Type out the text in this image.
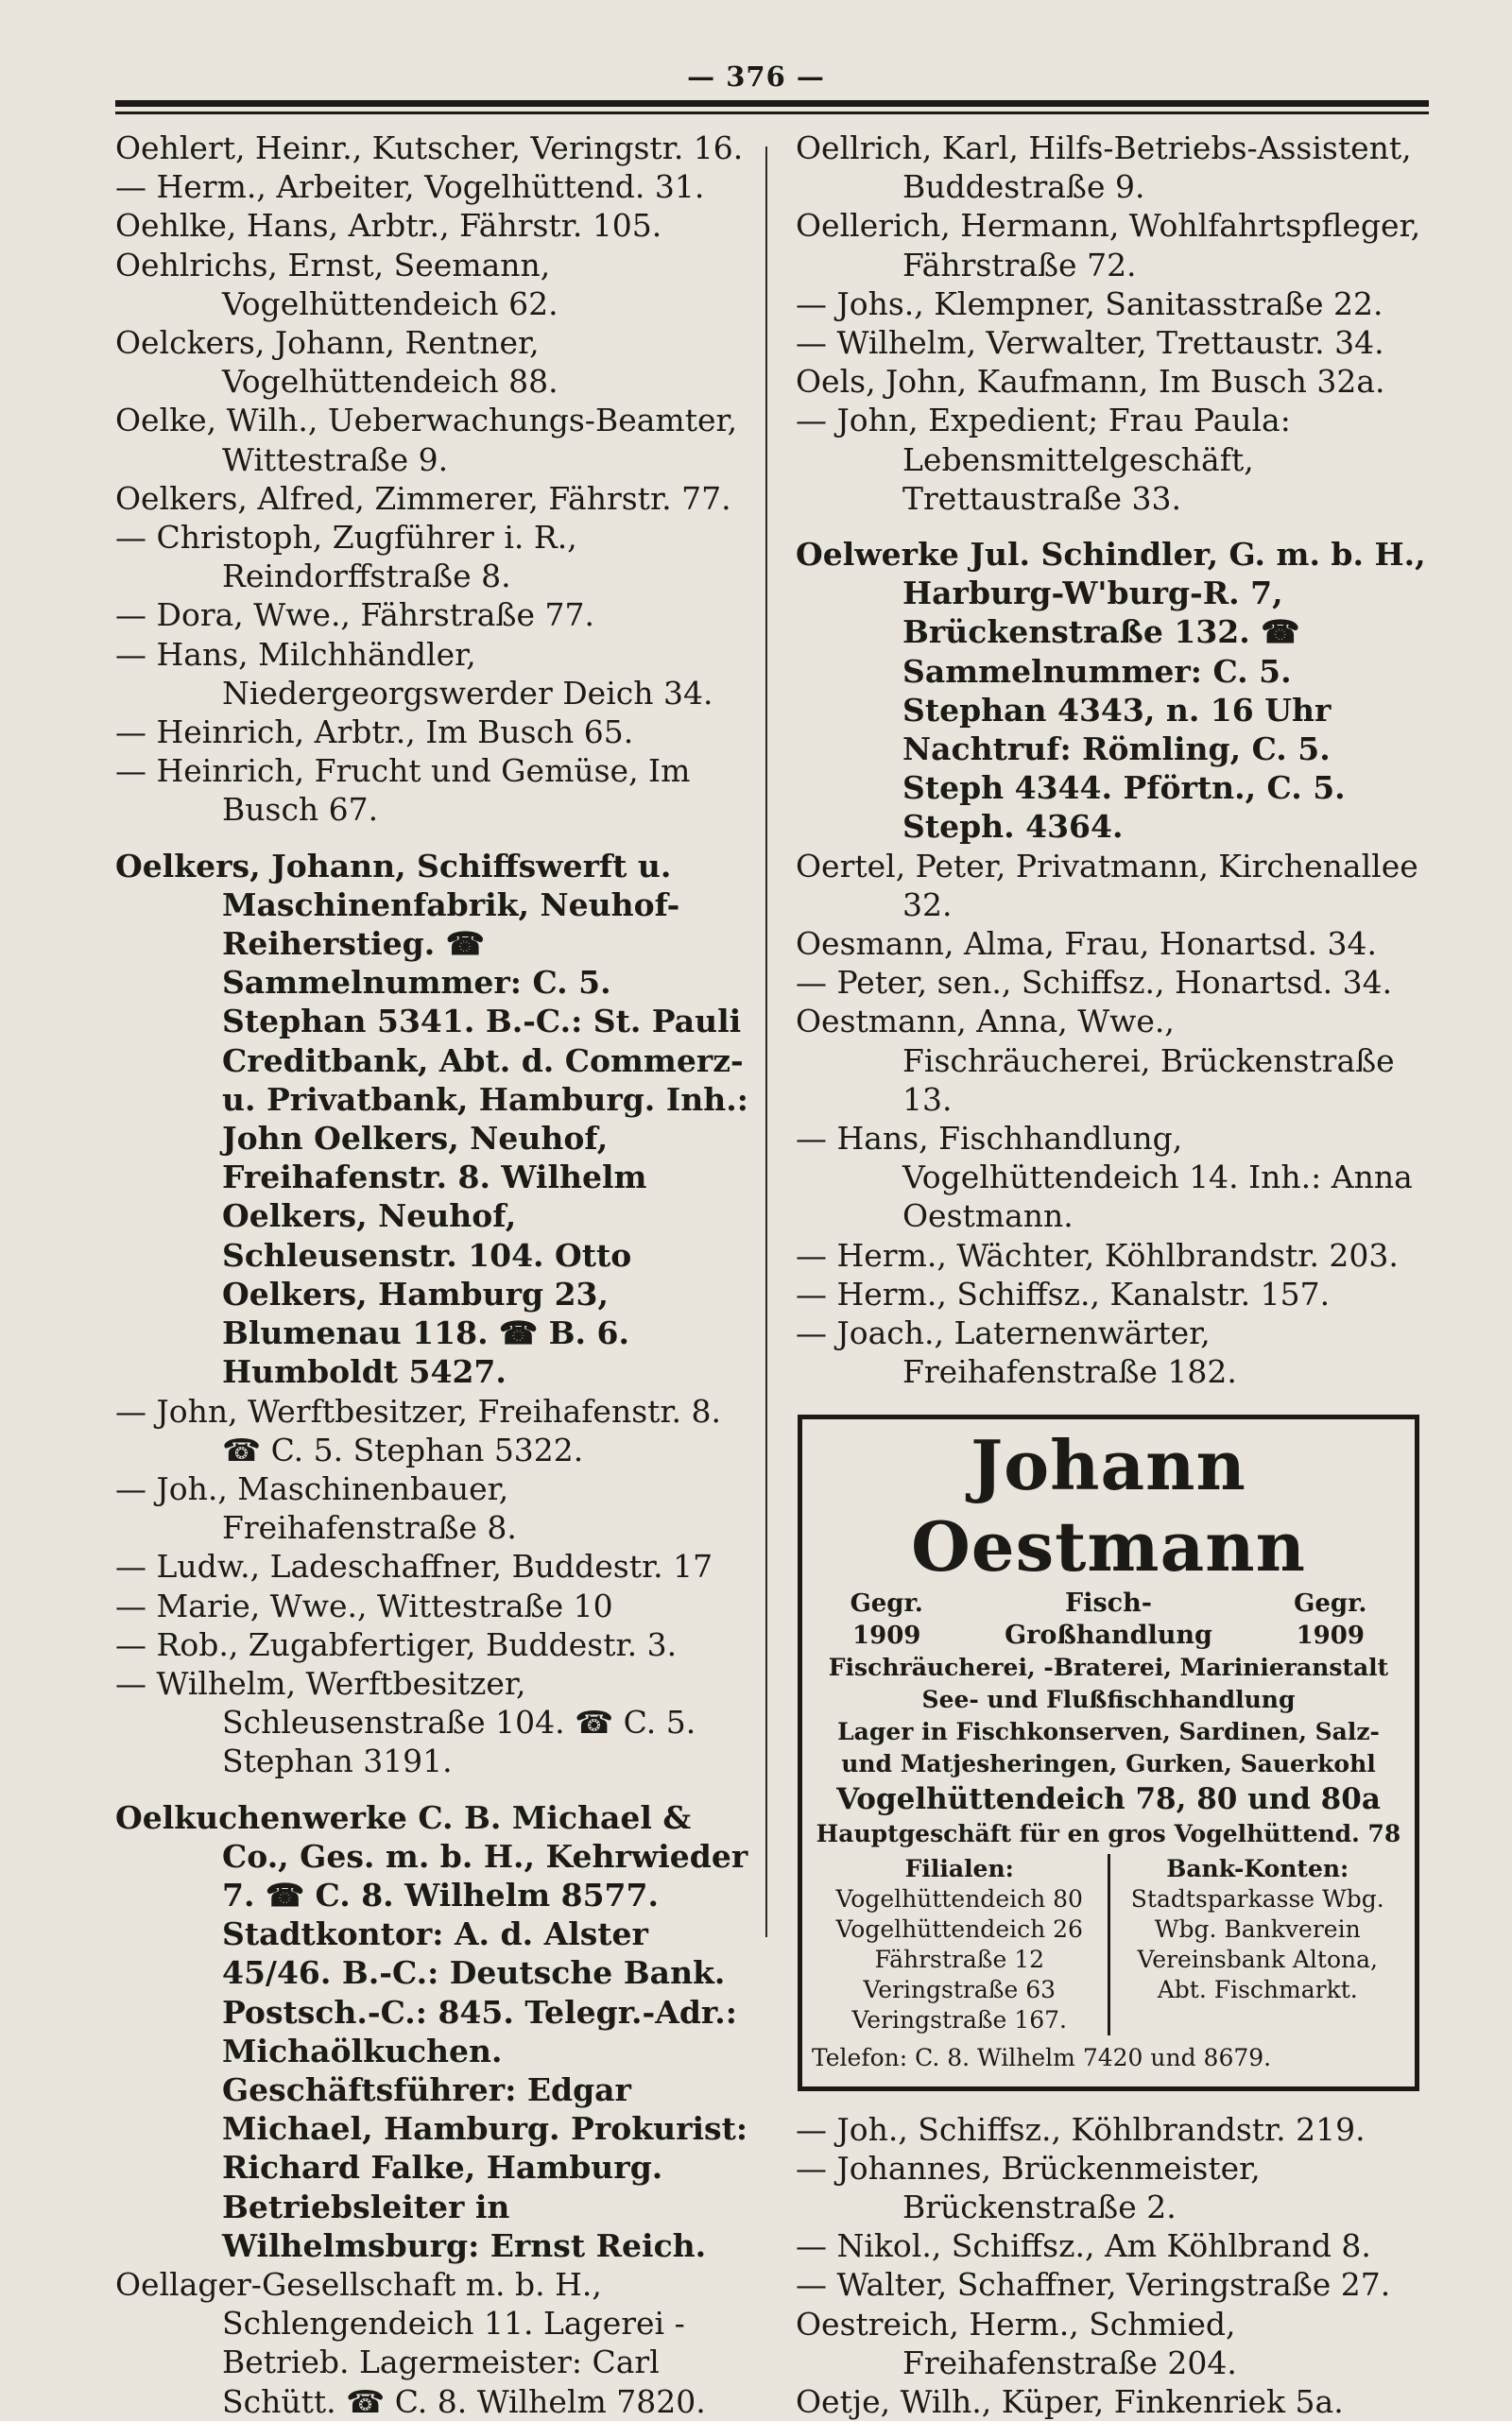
— 376 —

Oehlert, Heinr., Kutscher, Veringstr. 16.

— Herm., Arbeiter, Vogelhüttend. 31.

Oehlke, Hans, Arbtr., Fährstr. 105.

Oehlrichs, Ernst, Seemann, Vogelhüttendeich 62.

Oelckers, Johann, Rentner, Vogelhüttendeich 88.

Oelke, Wilh., Ueberwachungs-Beamter, Wittestraße 9.

Oelkers, Alfred, Zimmerer, Fährstr. 77.

— Christoph, Zugführer i. R., Reindorffstraße 8.

— Dora, Wwe., Fährstraße 77.

— Hans, Milchhändler, Niedergeorgswerder Deich 34.

— Heinrich, Arbtr., Im Busch 65.

— Heinrich, Frucht und Gemüse, Im Busch 67.

Oelkers, Johann, Schiffswerft u. Maschinenfabrik, Neuhof-Reiherstieg. ☎ Sammelnummer: C. 5. Stephan 5341. B.-C.: St. Pauli Creditbank, Abt. d. Commerz- u. Privatbank, Hamburg. Inh.: John Oelkers, Neuhof, Freihafenstr. 8. Wilhelm Oelkers, Neuhof, Schleusenstr. 104. Otto Oelkers, Hamburg 23, Blumenau 118. ☎ B. 6. Humboldt 5427.

— John, Werftbesitzer, Freihafenstr. 8. ☎ C. 5. Stephan 5322.

— Joh., Maschinenbauer, Freihafenstraße 8.

— Ludw., Ladeschaffner, Buddestr. 17

— Marie, Wwe., Wittestraße 10

— Rob., Zugabfertiger, Buddestr. 3.

— Wilhelm, Werftbesitzer, Schleusenstraße 104. ☎ C. 5. Stephan 3191.

Oelkuchenwerke C. B. Michael & Co., Ges. m. b. H., Kehrwieder 7. ☎ C. 8. Wilhelm 8577. Stadtkontor: A. d. Alster 45/46. B.-C.: Deutsche Bank. Postsch.-C.: 845. Telegr.-Adr.: Michaölkuchen. Geschäftsführer: Edgar Michael, Hamburg. Prokurist: Richard Falke, Hamburg. Betriebsleiter in Wilhelmsburg: Ernst Reich.

Oellager-Gesellschaft m. b. H., Schlengendeich 11. Lagerei - Betrieb. Lagermeister: Carl Schütt. ☎ C. 8. Wilhelm 7820.

Oellrich, Karl, Hilfs-Betriebs-Assistent, Buddestraße 9.

Oellerich, Hermann, Wohlfahrtspfleger, Fährstraße 72.

— Johs., Klempner, Sanitasstraße 22.

— Wilhelm, Verwalter, Trettaustr. 34.

Oels, John, Kaufmann, Im Busch 32a.

— John, Expedient; Frau Paula: Lebensmittelgeschäft, Trettaustraße 33.

Oelwerke Jul. Schindler, G. m. b. H., Harburg-W'burg-R. 7, Brückenstraße 132. ☎ Sammelnummer: C. 5. Stephan 4343, n. 16 Uhr Nachtruf: Römling, C. 5. Steph 4344. Pförtn., C. 5. Steph. 4364.

Oertel, Peter, Privatmann, Kirchenallee 32.

Oesmann, Alma, Frau, Honartsd. 34.

— Peter, sen., Schiffsz., Honartsd. 34.

Oestmann, Anna, Wwe., Fischräucherei, Brückenstraße 13.

— Hans, Fischhandlung, Vogelhüttendeich 14. Inh.: Anna Oestmann.

— Herm., Wächter, Köhlbrandstr. 203.

— Herm., Schiffsz., Kanalstr. 157.

— Joach., Laternenwärter, Freihafenstraße 182.

Johann Oestmann
Gegr. 1909
Fisch-Großhandlung
Gegr. 1909
Fischräucherei, -Braterei, Marinieranstalt
See- und Flußfischhandlung
Lager in Fischkonserven, Sardinen, Salz-
und Matjesheringen, Gurken, Sauerkohl
Vogelhüttendeich 78, 80 und 80a
Hauptgeschäft für en gros Vogelhüttend. 78
Filialen:
Vogelhüttendeich 80
Vogelhüttendeich 26
Fährstraße 12
Veringstraße 63
Veringstraße 167.
Bank-Konten:
Stadtsparkasse Wbg.
Wbg. Bankverein
Vereinsbank Altona,
Abt. Fischmarkt.
Telefon: C. 8. Wilhelm 7420 und 8679.

— Joh., Schiffsz., Köhlbrandstr. 219.

— Johannes, Brückenmeister, Brückenstraße 2.

— Nikol., Schiffsz., Am Köhlbrand 8.

— Walter, Schaffner, Veringstraße 27.

Oestreich, Herm., Schmied, Freihafenstraße 204.

Oetje, Wilh., Küper, Finkenriek 5a.
